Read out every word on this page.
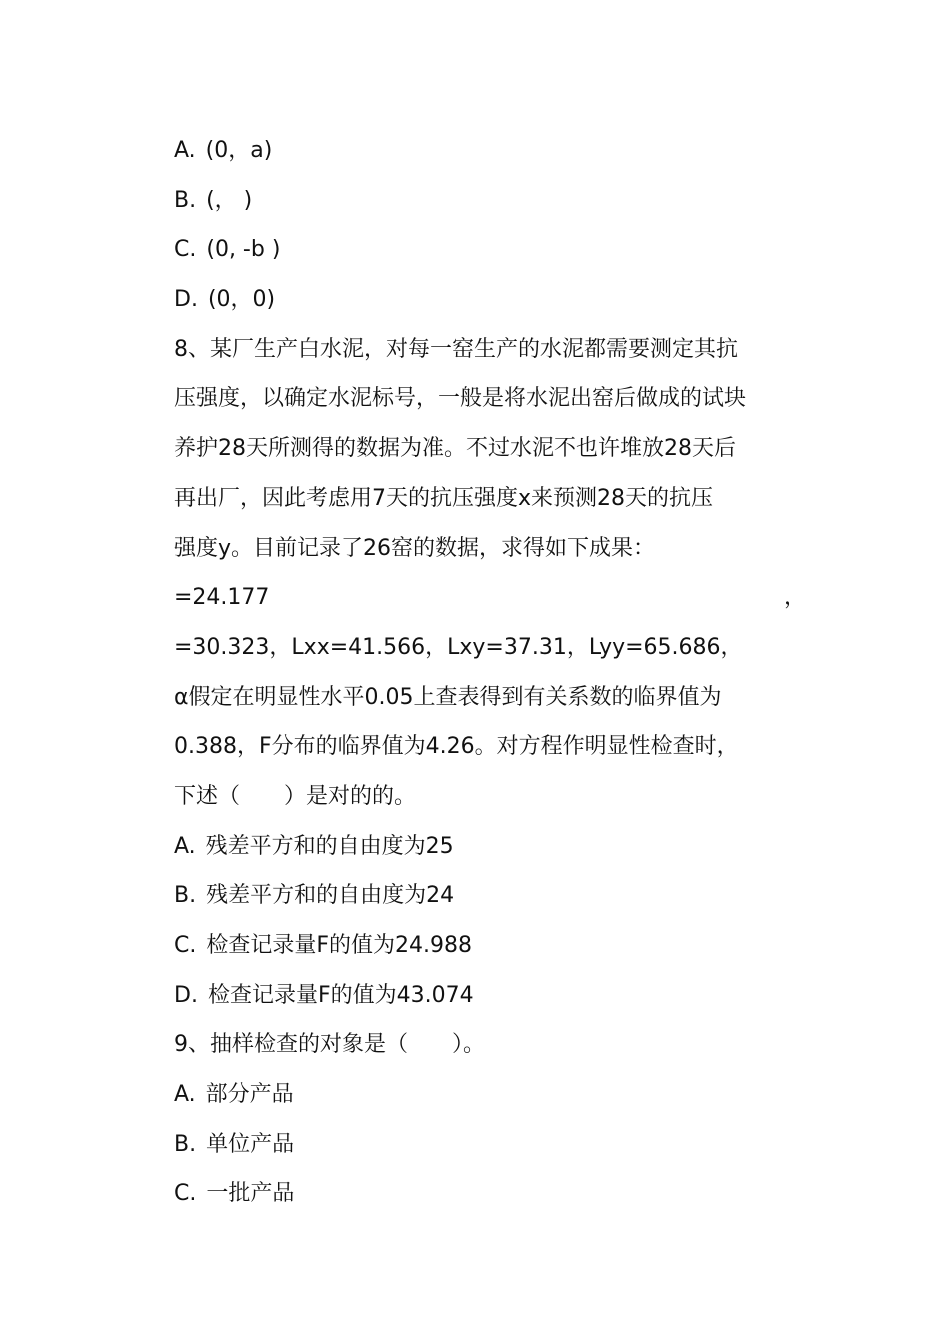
A. (0，a)
B. (， )
C. (0, -b )
D. (0，0)
8、某厂生产白水泥，对每一窑生产的水泥都需要测定其抗
压强度，以确定水泥标号，一般是将水泥出窑后做成的试块
养护28天所测得的数据为准。不过水泥不也许堆放28天后
再出厂，因此考虑用7天的抗压强度x来预测28天的抗压
强度y。目前记录了26窑的数据，求得如下成果：
=24.177	，
=30.323，Lxx=41.566，Lxy=37.31，Lyy=65.686，
α假定在明显性水平0.05上查表得到有关系数的临界值为
0.388，F分布的临界值为4.26。对方程作明显性检查时，
下述（　　）是对的的。
A. 残差平方和的自由度为25
B. 残差平方和的自由度为24
C. 检查记录量F的值为24.988
D. 检查记录量F的值为43.074
9、抽样检查的对象是（　　）。
A. 部分产品
B. 单位产品
C. 一批产品
